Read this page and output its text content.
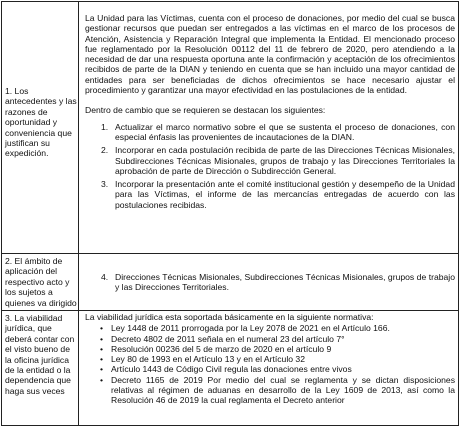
1. Los antecedentes y las razones de oportunidad y conveniencia que justifican su expedición.

La Unidad para las Víctimas, cuenta con el proceso de donaciones, por medio del cual se busca gestionar recursos que puedan ser entregados a las víctimas en el marco de los procesos de Atención, Asistencia y Reparación Integral que implementa la Entidad. El mencionado proceso fue reglamentado por la Resolución 00112 del 11 de febrero de 2020, pero atendiendo a la necesidad de dar una respuesta oportuna ante la confirmación y aceptación de los ofrecimientos recibidos de parte de la DIAN y teniendo en cuenta que se han incluido una mayor cantidad de entidades para ser beneficiadas de dichos ofrecimientos se hace necesario ajustar el procedimiento y garantizar una mayor efectividad en las postulaciones de la entidad.

Dentro de cambio que se requieren se destacan los siguientes:

1. Actualizar el marco normativo sobre el que se sustenta el proceso de donaciones, con especial énfasis las provenientes de incautaciones de la DIAN.
2. Incorporar en cada postulación recibida de parte de las Direcciones Técnicas Misionales, Subdirecciones Técnicas Misionales, grupos de trabajo y las Direcciones Territoriales la aprobación de parte de Dirección o Subdirección General.
3. Incorporar la presentación ante el comité institucional gestión y desempeño de la Unidad para las Víctimas, el informe de las mercancías entregadas de acuerdo con las postulaciones recibidas.
2. El ámbito de aplicación del respectivo acto y los sujetos a quienes va dirigido
4. Direcciones Técnicas Misionales, Subdirecciones Técnicas Misionales, grupos de trabajo y las Direcciones Territoriales.
3. La viabilidad jurídica, que deberá contar con el visto bueno de la oficina jurídica de la entidad o la dependencia que haga sus veces

La viabilidad jurídica esta soportada básicamente en la siguiente normativa:

• Ley 1448 de 2011 prorrogada por la Ley 2078 de 2021 en el Artículo 166.
• Decreto 4802 de 2011 señala en el numeral 23 del artículo 7°
• Resolución 00236 del 5 de marzo de 2020 en el artículo 9
• Ley 80 de 1993 en el Artículo 13 y en el Artículo 32
• Artículo 1443 de Código Civil regula las donaciones entre vivos
• Decreto 1165 de 2019 Por medio del cual se reglamenta y se dictan disposiciones relativas al régimen de aduanas en desarrollo de la Ley 1609 de 2013, así como la Resolución 46 de 2019 la cual reglamenta el Decreto anterior
